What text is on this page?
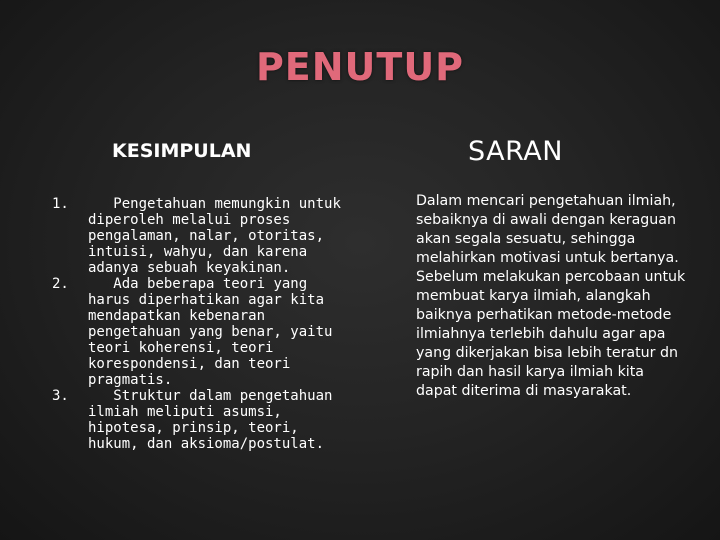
PENUTUP
KESIMPULAN
1.	Pengetahuan memungkin untuk diperoleh melalui proses pengalaman, nalar, otoritas, intuisi, wahyu, dan karena adanya sebuah keyakinan.
2.	Ada beberapa teori yang harus diperhatikan agar kita mendapatkan kebenaran pengetahuan yang benar, yaitu teori koherensi, teori korespondensi, dan teori pragmatis.
3.	Struktur dalam pengetahuan ilmiah meliputi asumsi, hipotesa, prinsip, teori, hukum, dan aksioma/postulat.
SARAN

Dalam mencari pengetahuan ilmiah, sebaiknya di awali dengan keraguan akan segala sesuatu, sehingga melahirkan motivasi untuk bertanya. Sebelum melakukan percobaan untuk membuat karya ilmiah, alangkah baiknya perhatikan metode-metode ilmiahnya terlebih dahulu agar apa yang dikerjakan bisa lebih teratur dn rapih dan hasil karya ilmiah kita dapat diterima di masyarakat.
